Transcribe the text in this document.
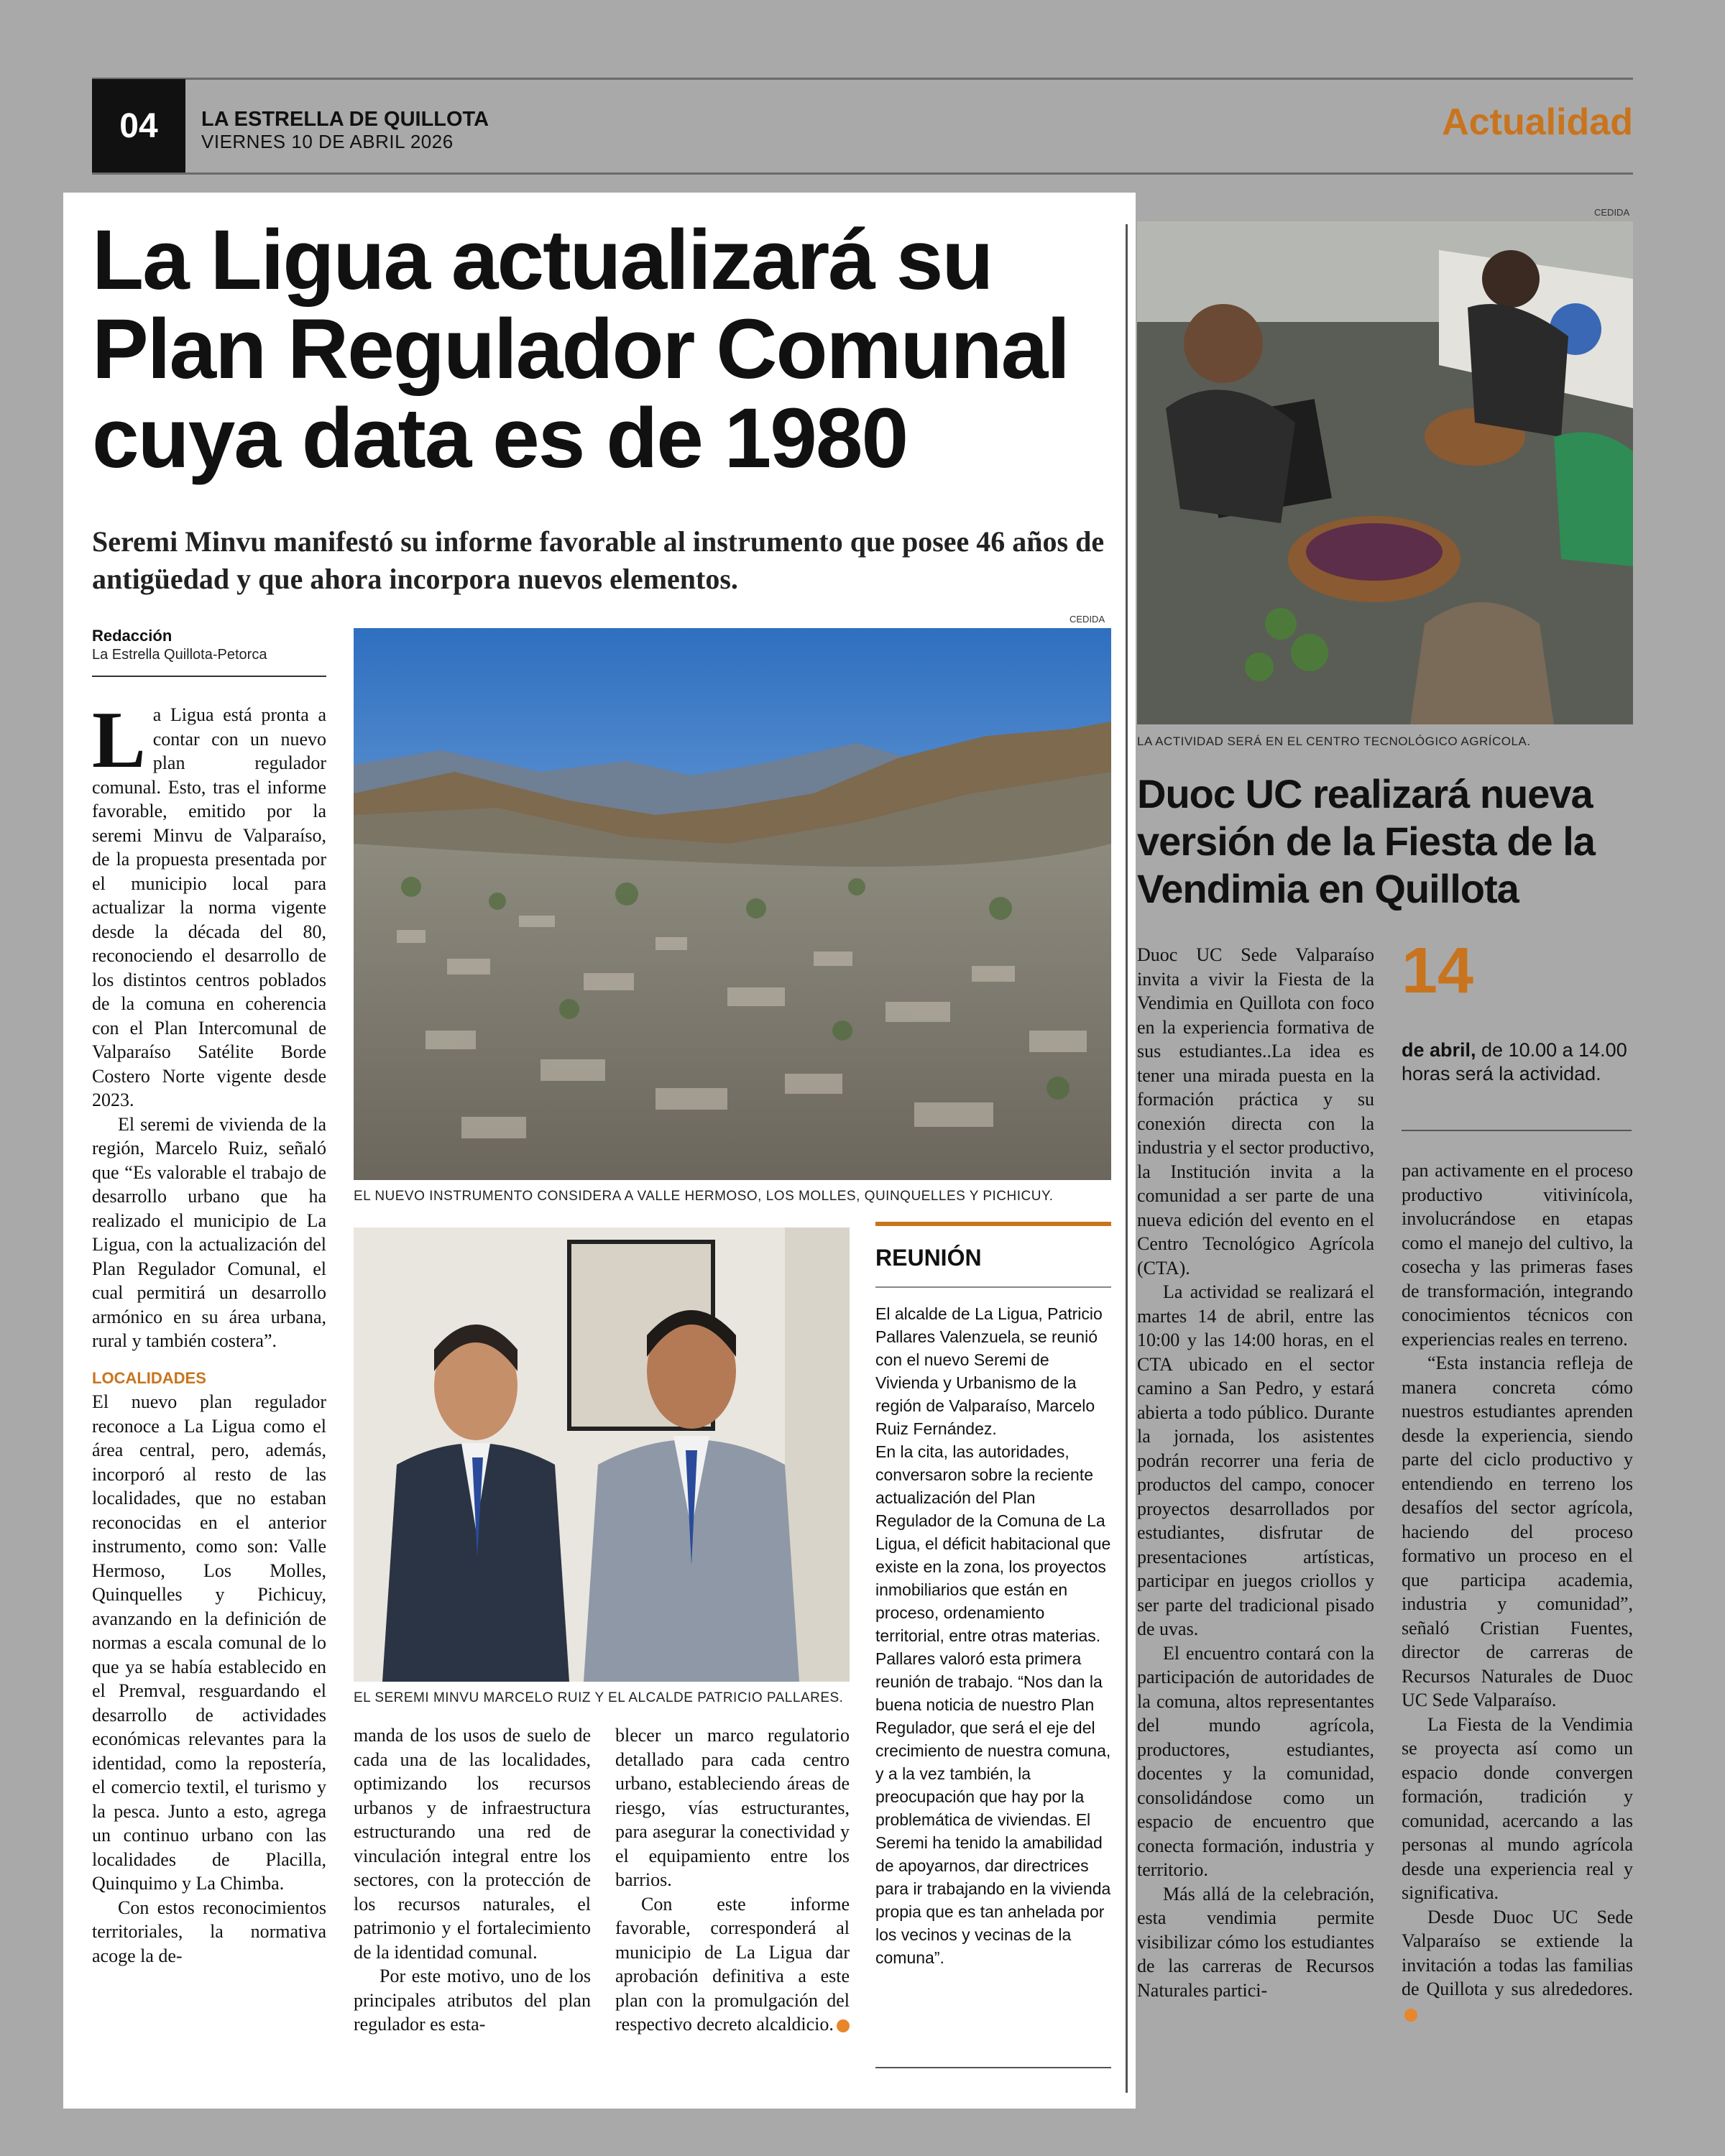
04	LA ESTRELLA DE QUILLOTA
VIERNES 10 DE ABRIL 2026	Actualidad
La Ligua actualizará su Plan Regulador Comunal cuya data es de 1980
Seremi Minvu manifestó su informe favorable al instrumento que posee 46 años de antigüedad y que ahora incorpora nuevos elementos.
Redacción
La Estrella Quillota-Petorca
CEDIDA
EL NUEVO INSTRUMENTO CONSIDERA A VALLE HERMOSO, LOS MOLLES, QUINQUELLES Y PICHICUY.
EL SEREMI MINVU MARCELO RUIZ Y EL ALCALDE PATRICIO PALLARES.

La Ligua está pronta a contar con un nuevo plan regulador comunal. Esto, tras el informe favorable, emitido por la seremi Minvu de Valparaíso, de la propuesta presentada por el municipio local para actualizar la norma vigente desde la década del 80, reconociendo el desarrollo de los distintos centros poblados de la comuna en coherencia con el Plan Intercomunal de Valparaíso Satélite Borde Costero Norte vigente desde 2023.

El seremi de vivienda de la región, Marcelo Ruiz, señaló que “Es valorable el trabajo de desarrollo urbano que ha realizado el municipio de La Ligua, con la actualización del Plan Regulador Comunal, el cual permitirá un desarrollo armónico en su área urbana, rural y también costera”.

LOCALIDADES

El nuevo plan regulador reconoce a La Ligua como el área central, pero, además, incorporó al resto de las localidades, que no estaban reconocidas en el anterior instrumento, como son: Valle Hermoso, Los Molles, Quinquelles y Pichicuy, avanzando en la definición de normas a escala comunal de lo que ya se había establecido en el Premval, resguardando el desarrollo de actividades económicas relevantes para la identidad, como la repostería, el comercio textil, el turismo y la pesca. Junto a esto, agrega un continuo urbano con las localidades de Placilla, Quinquimo y La Chimba.

Con estos reconocimientos territoriales, la normativa acoge la de-

manda de los usos de suelo de cada una de las localidades, optimizando los recursos urbanos y de infraestructura estructurando una red de vinculación integral entre los sectores, con la protección de los recursos naturales, el patrimonio y el fortalecimiento de la identidad comunal.

Por este motivo, uno de los principales atributos del plan regulador es esta-

blecer un marco regulatorio detallado para cada centro urbano, estableciendo áreas de riesgo, vías estructurantes, para asegurar la conectividad y el equipamiento entre los barrios.

Con este informe favorable, corresponderá al municipio de La Ligua dar aprobación definitiva a este plan con la promulgación del respectivo decreto alcaldicio.

REUNIÓN

El alcalde de La Ligua, Patricio Pallares Valenzuela, se reunió con el nuevo Seremi de Vivienda y Urbanismo de la región de Valparaíso, Marcelo Ruiz Fernández.

En la cita, las autoridades, conversaron sobre la reciente actualización del Plan Regulador de la Comuna de La Ligua, el déficit habitacional que existe en la zona, los proyectos inmobiliarios que están en proceso, ordenamiento territorial, entre otras materias.

Pallares valoró esta primera reunión de trabajo. “Nos dan la buena noticia de nuestro Plan Regulador, que será el eje del crecimiento de nuestra comuna, y a la vez también, la preocupación que hay por la problemática de viviendas. El Seremi ha tenido la amabilidad de apoyarnos, dar directrices para ir trabajando en la vivienda propia que es tan anhelada por los vecinos y vecinas de la comuna”.

CEDIDA
LA ACTIVIDAD SERÁ EN EL CENTRO TECNOLÓGICO AGRÍCOLA.
Duoc UC realizará nueva versión de la Fiesta de la Vendimia en Quillota
14
de abril, de 10.00 a 14.00 horas será la actividad.

Duoc UC Sede Valparaíso invita a vivir la Fiesta de la Vendimia en Quillota con foco en la experiencia formativa de sus estudiantes..La idea es tener una mirada puesta en la formación práctica y su conexión directa con la industria y el sector productivo, la Institución invita a la comunidad a ser parte de una nueva edición del evento en el Centro Tecnológico Agrícola (CTA).

La actividad se realizará el martes 14 de abril, entre las 10:00 y las 14:00 horas, en el CTA ubicado en el sector camino a San Pedro, y estará abierta a todo público. Durante la jornada, los asistentes podrán recorrer una feria de productos del campo, conocer proyectos desarrollados por estudiantes, disfrutar de presentaciones artísticas, participar en juegos criollos y ser parte del tradicional pisado de uvas.

El encuentro contará con la participación de autoridades de la comuna, altos representantes del mundo agrícola, productores, estudiantes, docentes y la comunidad, consolidándose como un espacio de encuentro que conecta formación, industria y territorio.

Más allá de la celebración, esta vendimia permite visibilizar cómo los estudiantes de las carreras de Recursos Naturales partici-

pan activamente en el proceso productivo vitivinícola, involucrándose en etapas como el manejo del cultivo, la cosecha y las primeras fases de transformación, integrando conocimientos técnicos con experiencias reales en terreno.

“Esta instancia refleja de manera concreta cómo nuestros estudiantes aprenden desde la experiencia, siendo parte del ciclo productivo y entendiendo en terreno los desafíos del sector agrícola, haciendo del proceso formativo un proceso en el que participa academia, industria y comunidad”, señaló Cristian Fuentes, director de carreras de Recursos Naturales de Duoc UC Sede Valparaíso.

La Fiesta de la Vendimia se proyecta así como un espacio donde convergen formación, tradición y comunidad, acercando a las personas al mundo agrícola desde una experiencia real y significativa.

Desde Duoc UC Sede Valparaíso se extiende la invitación a todas las familias de Quillota y sus alrededores.
